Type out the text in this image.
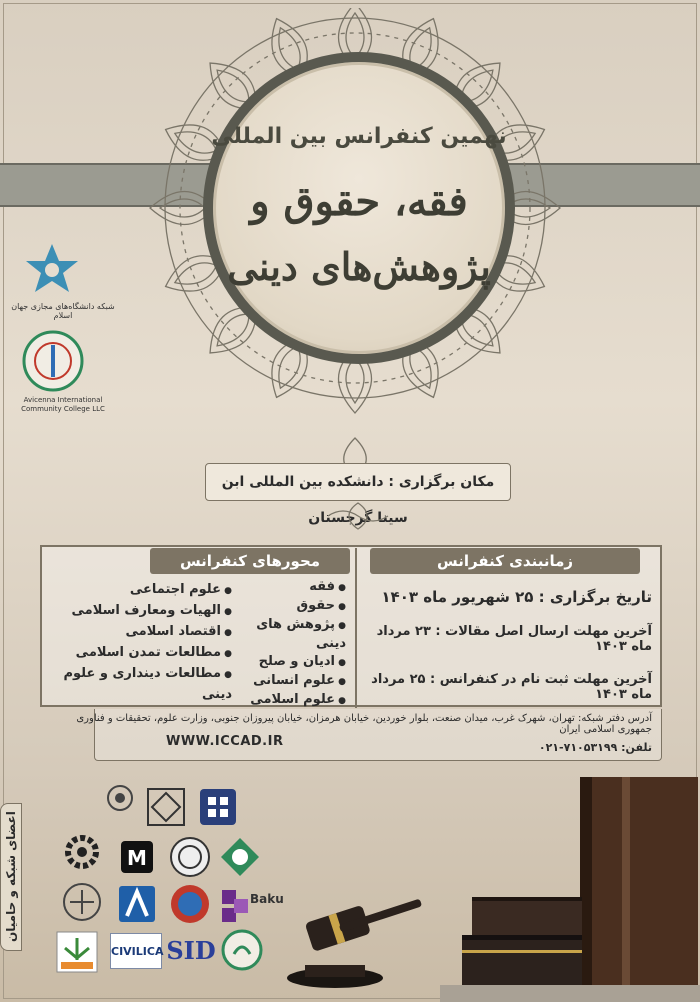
نهمین کنفرانس بین المللی
فقه، حقوق و
پژوهش‌های دینی
شبکه دانشگاه‌های مجازی جهان اسلام
Avicenna International Community College LLC
مکان برگزاری : دانشکده بین المللی ابن سینا گرجستان
زمانبندی کنفرانس
محورهای کنفرانس
تاریخ برگزاری : ۲۵ شهریور ماه ۱۴۰۳
آخرین مهلت ارسال اصل مقالات : ۲۳ مرداد ماه ۱۴۰۳
آخرین مهلت ثبت نام در کنفرانس : ۲۵ مرداد ماه ۱۴۰۳
● فقه
● حقوق
● پژوهش های دینی
● ادیان و صلح
● علوم انسانی
● علوم اسلامی
● علوم اجتماعی
● الهیات ومعارف اسلامی
● اقتصاد اسلامی
● مطالعات تمدن اسلامی
● مطالعات دینداری و علوم دینی
آدرس دفتر شبکه: تهران، شهرک غرب، میدان صنعت، بلوار خوردین، خیابان هرمزان، خیابان پیروزان جنوبی، وزارت علوم، تحقیقات و فناوری جمهوری اسلامی ایران
تلفن: ۷۱۰۵۳۱۹۹-۰۲۱
WWW.ICCAD.IR
اعضای شبکه و حامیان	M
Baku
CIVILICA SID
